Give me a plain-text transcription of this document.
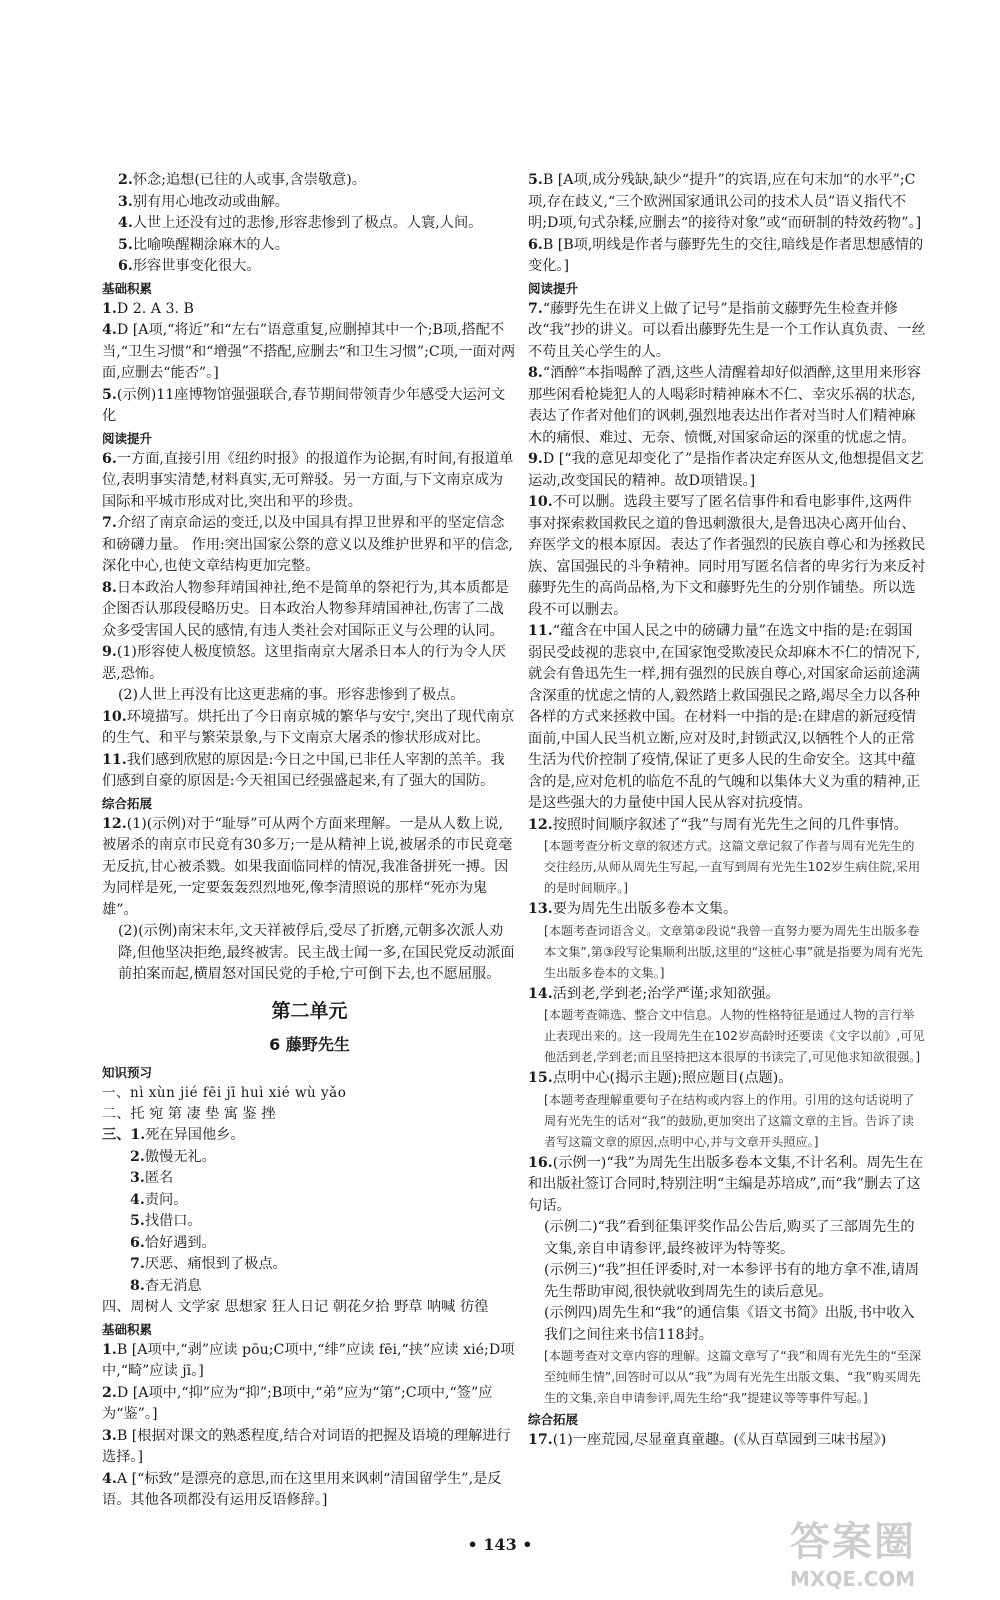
2.怀念;追想(已往的人或事,含崇敬意)。

3.别有用心地改动或曲解。

4.人世上还没有过的悲惨,形容悲惨到了极点。人寰,人间。

5.比喻唤醒糊涂麻木的人。

6.形容世事变化很大。

基础积累

1.D 2. A 3. B

4.D [A项,“将近”和“左右”语意重复,应删掉其中一个;B项,搭配不当,“卫生习惯”和“增强”不搭配,应删去“和卫生习惯”;C项,一面对两面,应删去“能否”。]

5.(示例)11座博物馆强强联合,春节期间带领青少年感受大运河文化

阅读提升

6.一方面,直接引用《纽约时报》的报道作为论据,有时间,有报道单位,表明事实清楚,材料真实,无可辩驳。另一方面,与下文南京成为国际和平城市形成对比,突出和平的珍贵。

7.介绍了南京命运的变迁,以及中国具有捍卫世界和平的坚定信念和磅礴力量。 作用:突出国家公祭的意义以及维护世界和平的信念,深化中心,也使文章结构更加完整。

8.日本政治人物参拜靖国神社,绝不是简单的祭祀行为,其本质都是企图否认那段侵略历史。日本政治人物参拜靖国神社,伤害了二战众多受害国人民的感情,有违人类社会对国际正义与公理的认同。

9.(1)形容使人极度愤怒。这里指南京大屠杀日本人的行为令人厌恶,恐怖。

(2)人世上再没有比这更悲痛的事。形容悲惨到了极点。

10.环境描写。烘托出了今日南京城的繁华与安宁,突出了现代南京的生气、和平与繁荣景象,与下文南京大屠杀的惨状形成对比。

11.我们感到欣慰的原因是:今日之中国,已非任人宰割的羔羊。我们感到自豪的原因是:今天祖国已经强盛起来,有了强大的国防。

综合拓展

12.(1)(示例)对于“耻辱”可从两个方面来理解。一是从人数上说,被屠杀的南京市民竟有30多万;一是从精神上说,被屠杀的市民竟毫无反抗,甘心被杀戮。如果我面临同样的情况,我准备拼死一搏。因为同样是死,一定要轰轰烈烈地死,像李清照说的那样“死亦为鬼雄”。

(2)(示例)南宋末年,文天祥被俘后,受尽了折磨,元朝多次派人劝降,但他坚决拒绝,最终被害。民主战士闻一多,在国民党反动派面前拍案而起,横眉怒对国民党的手枪,宁可倒下去,也不愿屈服。

第二单元

6 藤野先生

知识预习

一、nì xùn jié fēi jī huì xié wù yǎo

二、托 宛 第 凄 垫 寓 鉴 挫

三、1.死在异国他乡。

2.傲慢无礼。

3.匿名

4.责问。

5.找借口。

6.恰好遇到。

7.厌恶、痛恨到了极点。

8.杳无消息

四、周树人 文学家 思想家 狂人日记 朝花夕拾 野草 呐喊 彷徨

基础积累

1.B [A项中,“剥”应读 pōu;C项中,“绯”应读 fēi,“挟”应读 xié;D项中,“畸”应读 jī。]

2.D [A项中,“抑”应为“抑”;B项中,“弟”应为“第”;C项中,“签”应为“鉴”。]

3.B [根据对课文的熟悉程度,结合对词语的把握及语境的理解进行选择。]

4.A [“标致”是漂亮的意思,而在这里用来讽刺“清国留学生”,是反语。其他各项都没有运用反语修辞。]

5.B [A项,成分残缺,缺少“提升”的宾语,应在句末加“的水平”;C项,存在歧义,“三个欧洲国家通讯公司的技术人员”语义指代不明;D项,句式杂糅,应删去“的接待对象”或“而研制的特效药物”。]

6.B [B项,明线是作者与藤野先生的交往,暗线是作者思想感情的变化。]

阅读提升

7.“藤野先生在讲义上做了记号”是指前文藤野先生检查并修改“我”抄的讲义。可以看出藤野先生是一个工作认真负责、一丝不苟且关心学生的人。

8.“酒醉”本指喝醉了酒,这些人清醒着却好似酒醉,这里用来形容那些闲看枪毙犯人的人喝彩时精神麻木不仁、幸灾乐祸的状态,表达了作者对他们的讽刺,强烈地表达出作者对当时人们精神麻木的痛恨、难过、无奈、愤慨,对国家命运的深重的忧虑之情。

9.D [“我的意见却变化了”是指作者决定弃医从文,他想提倡文艺运动,改变国民的精神。故D项错误。]

10.不可以删。选段主要写了匿名信事件和看电影事件,这两件事对探索救国救民之道的鲁迅刺激很大,是鲁迅决心离开仙台、弃医学文的根本原因。表达了作者强烈的民族自尊心和为拯救民族、富国强民的斗争精神。同时用写匿名信者的卑劣行为来反衬藤野先生的高尚品格,为下文和藤野先生的分别作铺垫。所以选段不可以删去。

11.“蕴含在中国人民之中的磅礴力量”在选文中指的是:在弱国弱民受歧视的悲哀中,在国家饱受欺凌民众却麻木不仁的情况下,就会有鲁迅先生一样,拥有强烈的民族自尊心,对国家命运前途满含深重的忧虑之情的人,毅然踏上救国强民之路,竭尽全力以各种各样的方式来拯救中国。在材料一中指的是:在肆虐的新冠疫情面前,中国人民当机立断,应对及时,封锁武汉,以牺牲个人的正常生活为代价控制了疫情,保证了更多人民的生命安全。这其中蕴含的是,应对危机的临危不乱的气魄和以集体大义为重的精神,正是这些强大的力量使中国人民从容对抗疫情。

12.按照时间顺序叙述了“我”与周有光先生之间的几件事情。

[本题考查分析文章的叙述方式。这篇文章记叙了作者与周有光先生的交往经历,从师从周先生写起,一直写到周有光先生102岁生病住院,采用的是时间顺序。]

13.要为周先生出版多卷本文集。

[本题考查词语含义。文章第②段说“我曾一直努力要为周先生出版多卷本文集”,第③段写论集顺利出版,这里的“这桩心事”就是指要为周有光先生出版多卷本的文集。]

14.活到老,学到老;治学严谨;求知欲强。

[本题考查筛选、整合文中信息。人物的性格特征是通过人物的言行举止表现出来的。这一段周先生在102岁高龄时还要读《文字以前》,可见他活到老,学到老;而且坚持把这本很厚的书读完了,可见他求知欲很强。]

15.点明中心(揭示主题);照应题目(点题)。

[本题考查理解重要句子在结构或内容上的作用。引用的这句话说明了周有光先生的话对“我”的鼓励,更加突出了这篇文章的主旨。告诉了读者写这篇文章的原因,点明中心,并与文章开头照应。]

16.(示例一)“我”为周先生出版多卷本文集,不计名利。周先生在和出版社签订合同时,特别注明“主编是苏培成”,而“我”删去了这句话。

(示例二)“我”看到征集评奖作品公告后,购买了三部周先生的文集,亲自申请参评,最终被评为特等奖。

(示例三)“我”担任评委时,对一本参评书有的地方拿不准,请周先生帮助审阅,很快就收到周先生的读后意见。

(示例四)周先生和“我”的通信集《语文书简》出版,书中收入我们之间往来书信118封。

[本题考查对文章内容的理解。这篇文章写了“我”和周有光先生的“至深至纯师生情”,回答时可以从“我”为周有光先生出版文集、“我”购买周先生的文集,亲自申请参评,周先生给“我”提建议等等事件写起。]

综合拓展

17.(1)一座荒园,尽显童真童趣。(《从百草园到三味书屋》)

• 143 •	答案圈
MXQE.COM
